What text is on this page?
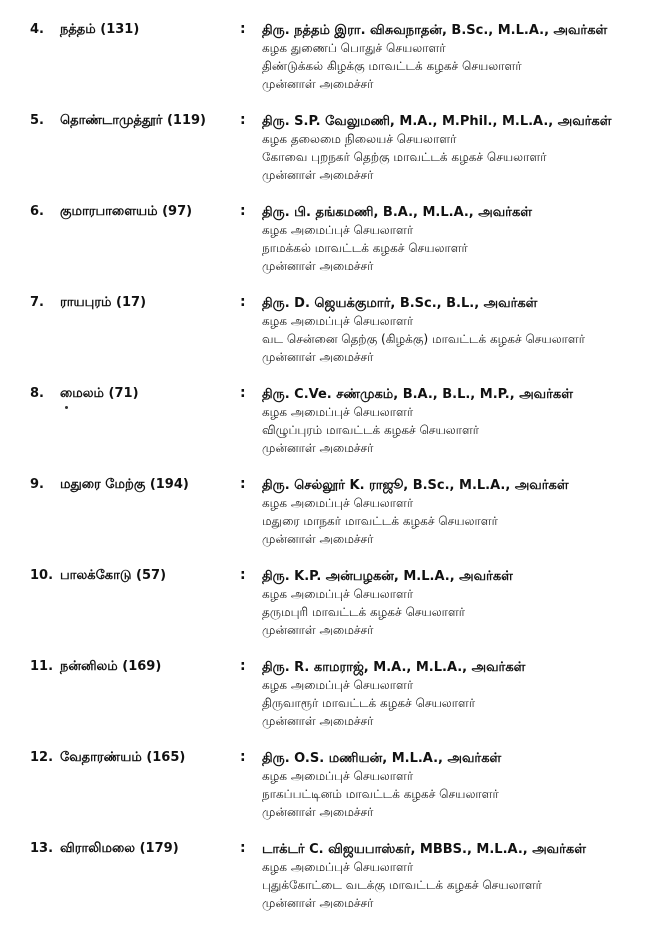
4. நத்தம் (131)	: திரு. நத்தம் இரா. விசுவநாதன், B.Sc., M.L.A., அவர்கள்
கழக துணைப் பொதுச் செயலாளர்
திண்டுக்கல் கிழக்கு மாவட்டக் கழகச் செயலாளர்
முன்னாள் அமைச்சர்
5. தொண்டாமுத்தூர் (119) : திரு. S.P. வேலுமணி, M.A., M.Phil., M.L.A., அவர்கள்
கழக தலைமை நிலையச் செயலாளர்
கோவை புறநகர் தெற்கு மாவட்டக் கழகச் செயலாளர்
முன்னாள் அமைச்சர்
6. குமாரபாளையம் (97)	: திரு. பி. தங்கமணி, B.A., M.L.A., அவர்கள்
கழக அமைப்புச் செயலாளர்
நாமக்கல் மாவட்டக் கழகச் செயலாளர்
முன்னாள் அமைச்சர்
7. ராயபுரம் (17)	: திரு. D. ஜெயக்குமார், B.Sc., B.L., அவர்கள்
கழக அமைப்புச் செயலாளர்
வட சென்னை தெற்கு (கிழக்கு) மாவட்டக் கழகச் செயலாளர்
முன்னாள் அமைச்சர்
8. மைலம் (71)	: திரு. C.Ve. சண்முகம், B.A., B.L., M.P., அவர்கள்
கழக அமைப்புச் செயலாளர்
விழுப்புரம் மாவட்டக் கழகச் செயலாளர்
முன்னாள் அமைச்சர்
9. மதுரை மேற்கு (194)	: திரு. செல்லூர் K. ராஜூ, B.Sc., M.L.A., அவர்கள்
கழக அமைப்புச் செயலாளர்
மதுரை மாநகர் மாவட்டக் கழகச் செயலாளர்
முன்னாள் அமைச்சர்
10. பாலக்கோடு (57)	: திரு. K.P. அன்பழகன், M.L.A., அவர்கள்
கழக அமைப்புச் செயலாளர்
தருமபுரி மாவட்டக் கழகச் செயலாளர்
முன்னாள் அமைச்சர்
11. நன்னிலம் (169)	: திரு. R. காமராஜ், M.A., M.L.A., அவர்கள்
கழக அமைப்புச் செயலாளர்
திருவாரூர் மாவட்டக் கழகச் செயலாளர்
முன்னாள் அமைச்சர்
12. வேதாரண்யம் (165)	: திரு. O.S. மணியன், M.L.A., அவர்கள்
கழக அமைப்புச் செயலாளர்
நாகப்பட்டினம் மாவட்டக் கழகச் செயலாளர்
முன்னாள் அமைச்சர்
13. விராலிமலை (179)	: டாக்டர் C. விஜயபாஸ்கர், MBBS., M.L.A., அவர்கள்
கழக அமைப்புச் செயலாளர்
புதுக்கோட்டை வடக்கு மாவட்டக் கழகச் செயலாளர்
முன்னாள் அமைச்சர்
